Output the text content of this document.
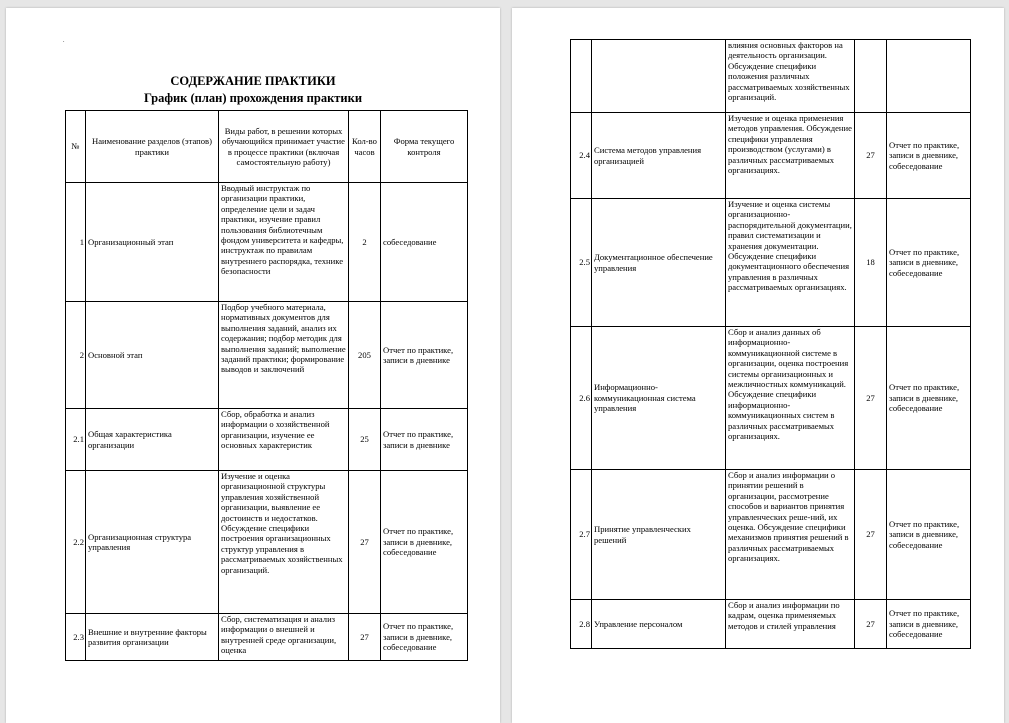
.
СОДЕРЖАНИЕ ПРАКТИКИ
График (план) прохождения практики
№	Наименование разделов (этапов) практики	Виды работ, в решении которых обучающийся принимает участие в процессе практики (включая самостоятельную работу)	Кол-во часов	Форма текущего контроля
1	Организационный этап	Вводный инструктаж по организации практики, определение цели и задач практики, изучение правил пользования библиотечным фондом университета и кафедры, инструктаж по правилам внутреннего распорядка, технике безопасности	2	собеседование
2	Основной этап	Подбор учебного материала, нормативных документов для выполнения заданий, анализ их содержания; подбор методик для выполнения заданий; выполнение заданий практики; формирование выводов и заключений	205	Отчет по практике, записи в дневнике
2.1	Общая характеристика организации	Сбор, обработка и анализ информации о хозяйственной организации, изучение ее основных характеристик	25	Отчет по практике, записи в дневнике
2.2	Организационная структура управления	Изучение и оценка организационной структуры управления хозяйственной организации, выявление ее достоинств и недостатков. Обсуждение специфики построения организационных структур управления в рассматриваемых хозяйственных организаций.	27	Отчет по практике, записи в дневнике, собеседование
2.3	Внешние и внутренние факторы развития организации	Сбор, систематизация и анализ информации о внешней и внутренней среде организации, оценка	27	Отчет по практике, записи в дневнике, собеседование
		влияния основных факторов на деятельность организации. Обсуждение специфики положения различных рассматриваемых хозяйственных организаций.		
2.4	Система методов управления организацией	Изучение и оценка применения методов управления. Обсуждение специфики управления производством (услугами) в различных рассматриваемых организациях.	27	Отчет по практике, записи в дневнике, собеседование
2.5	Документационное обеспечение управления	Изучение и оценка системы организационно-распорядительной документации, правил систематизации и хранения документации. Обсуждение специфики документационного обеспечения управления в различных рассматриваемых организациях.	18	Отчет по практике, записи в дневнике, собеседование
2.6	Информационно-коммуникационная система управления	Сбор и анализ данных об информационно-коммуникационной системе в организации, оценка построения системы организационных и межличностных коммуникаций. Обсуждение специфики информационно-коммуникационных систем в различных рассматриваемых организациях.	27	Отчет по практике, записи в дневнике, собеседование
2.7	Принятие управленческих решений	Сбор и анализ информации о принятии решений в организации, рассмотрение способов и вариантов принятия управленческих реше-ний, их оценка. Обсуждение специфики механизмов принятия решений в различных рассматриваемых организациях.	27	Отчет по практике, записи в дневнике, собеседование
2.8	Управление персоналом	Сбор и анализ информации по кадрам, оценка применяемых методов и стилей управления	27	Отчет по практике, записи в дневнике, собеседование
